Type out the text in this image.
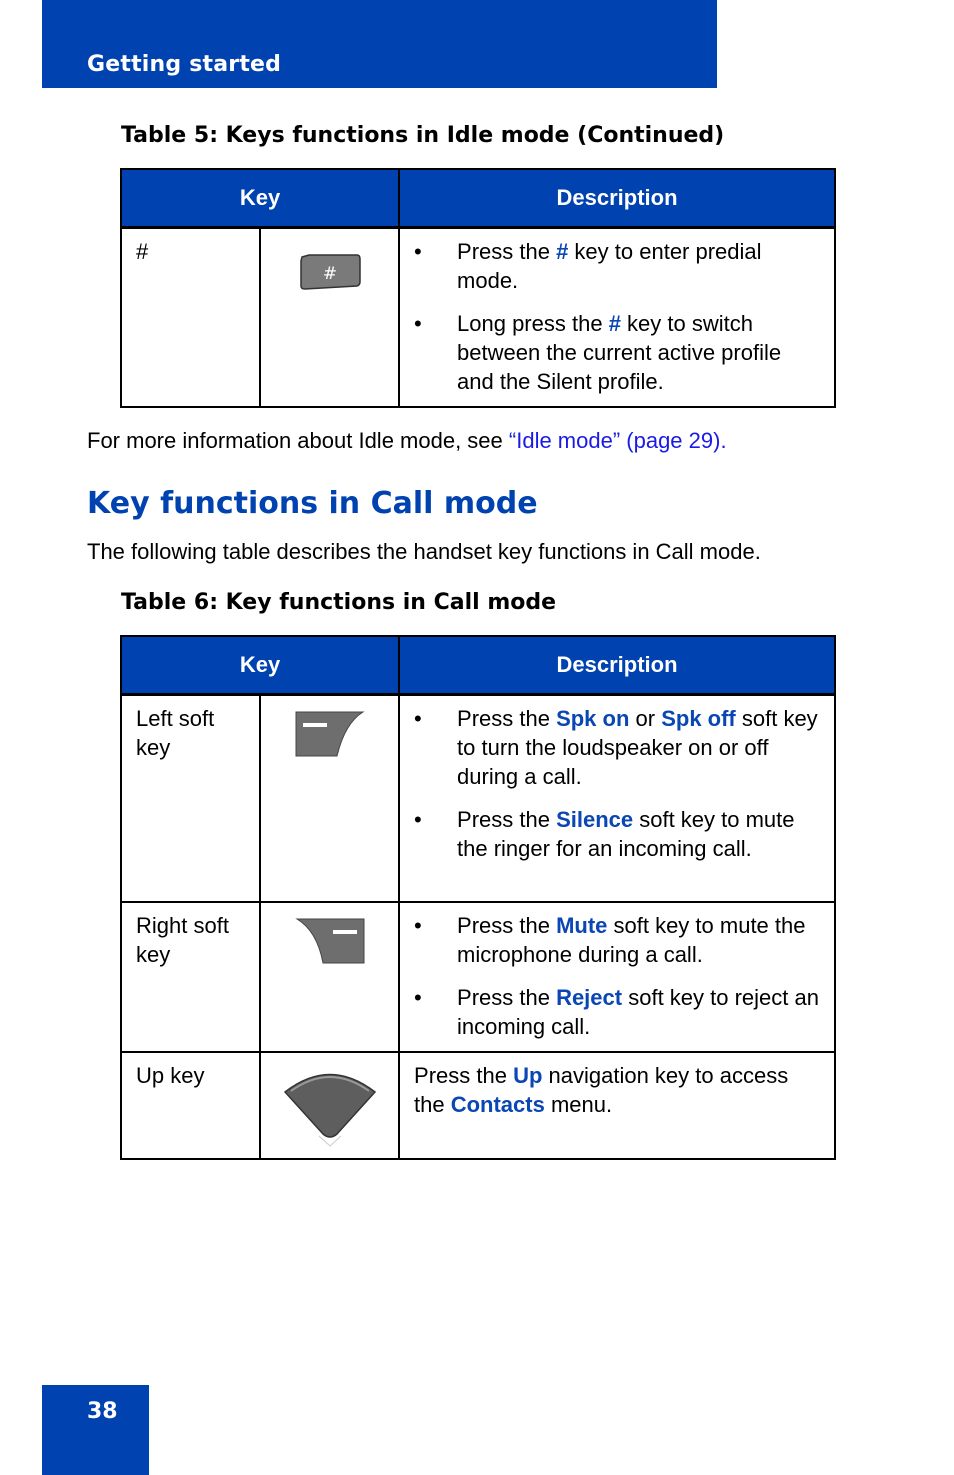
Getting started
Table 5: Keys functions in Idle mode (Continued)
Key		Description
#	#	• Press the # key to enter predial mode.
• Long press the # key to switch between the current active profile and the Silent profile.
For more information about Idle mode, see “Idle mode” (page 29).
Key functions in Call mode
The following table describes the handset key functions in Call mode.
Table 6: Key functions in Call mode
Key		Description
Left soft key		• Press the Spk on or Spk off soft key to turn the loudspeaker on or off during a call.
• Press the Silence soft key to mute the ringer for an incoming call.

Right soft key		• Press the Mute soft key to mute the microphone during a call.
• Press the Reject soft key to reject an incoming call.

Up key		Press the Up navigation key to access the Contacts menu.
38
